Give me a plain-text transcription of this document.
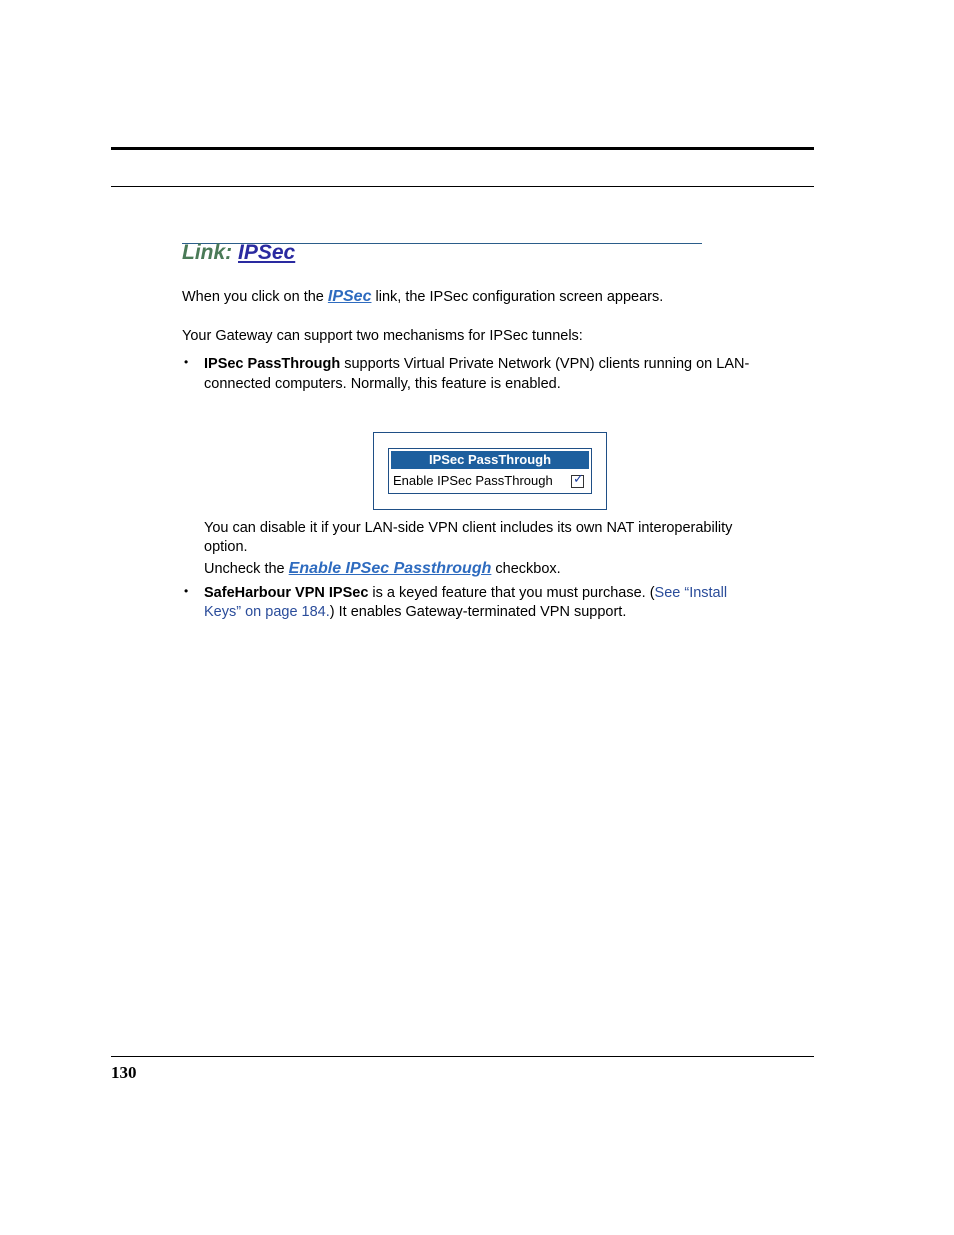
Link: IPSec
When you click on the IPSec link, the IPSec configuration screen appears.
Your Gateway can support two mechanisms for IPSec tunnels:
• IPSec PassThrough supports Virtual Private Network (VPN) clients running on LAN-
connected computers. Normally, this feature is enabled.
IPSec PassThrough
Enable IPSec PassThrough ✓
You can disable it if your LAN-side VPN client includes its own NAT interoperability
option.
Uncheck the Enable IPSec Passthrough checkbox.
• SafeHarbour VPN IPSec is a keyed feature that you must purchase. (See “Install
Keys” on page 184.) It enables Gateway-terminated VPN support.
130
